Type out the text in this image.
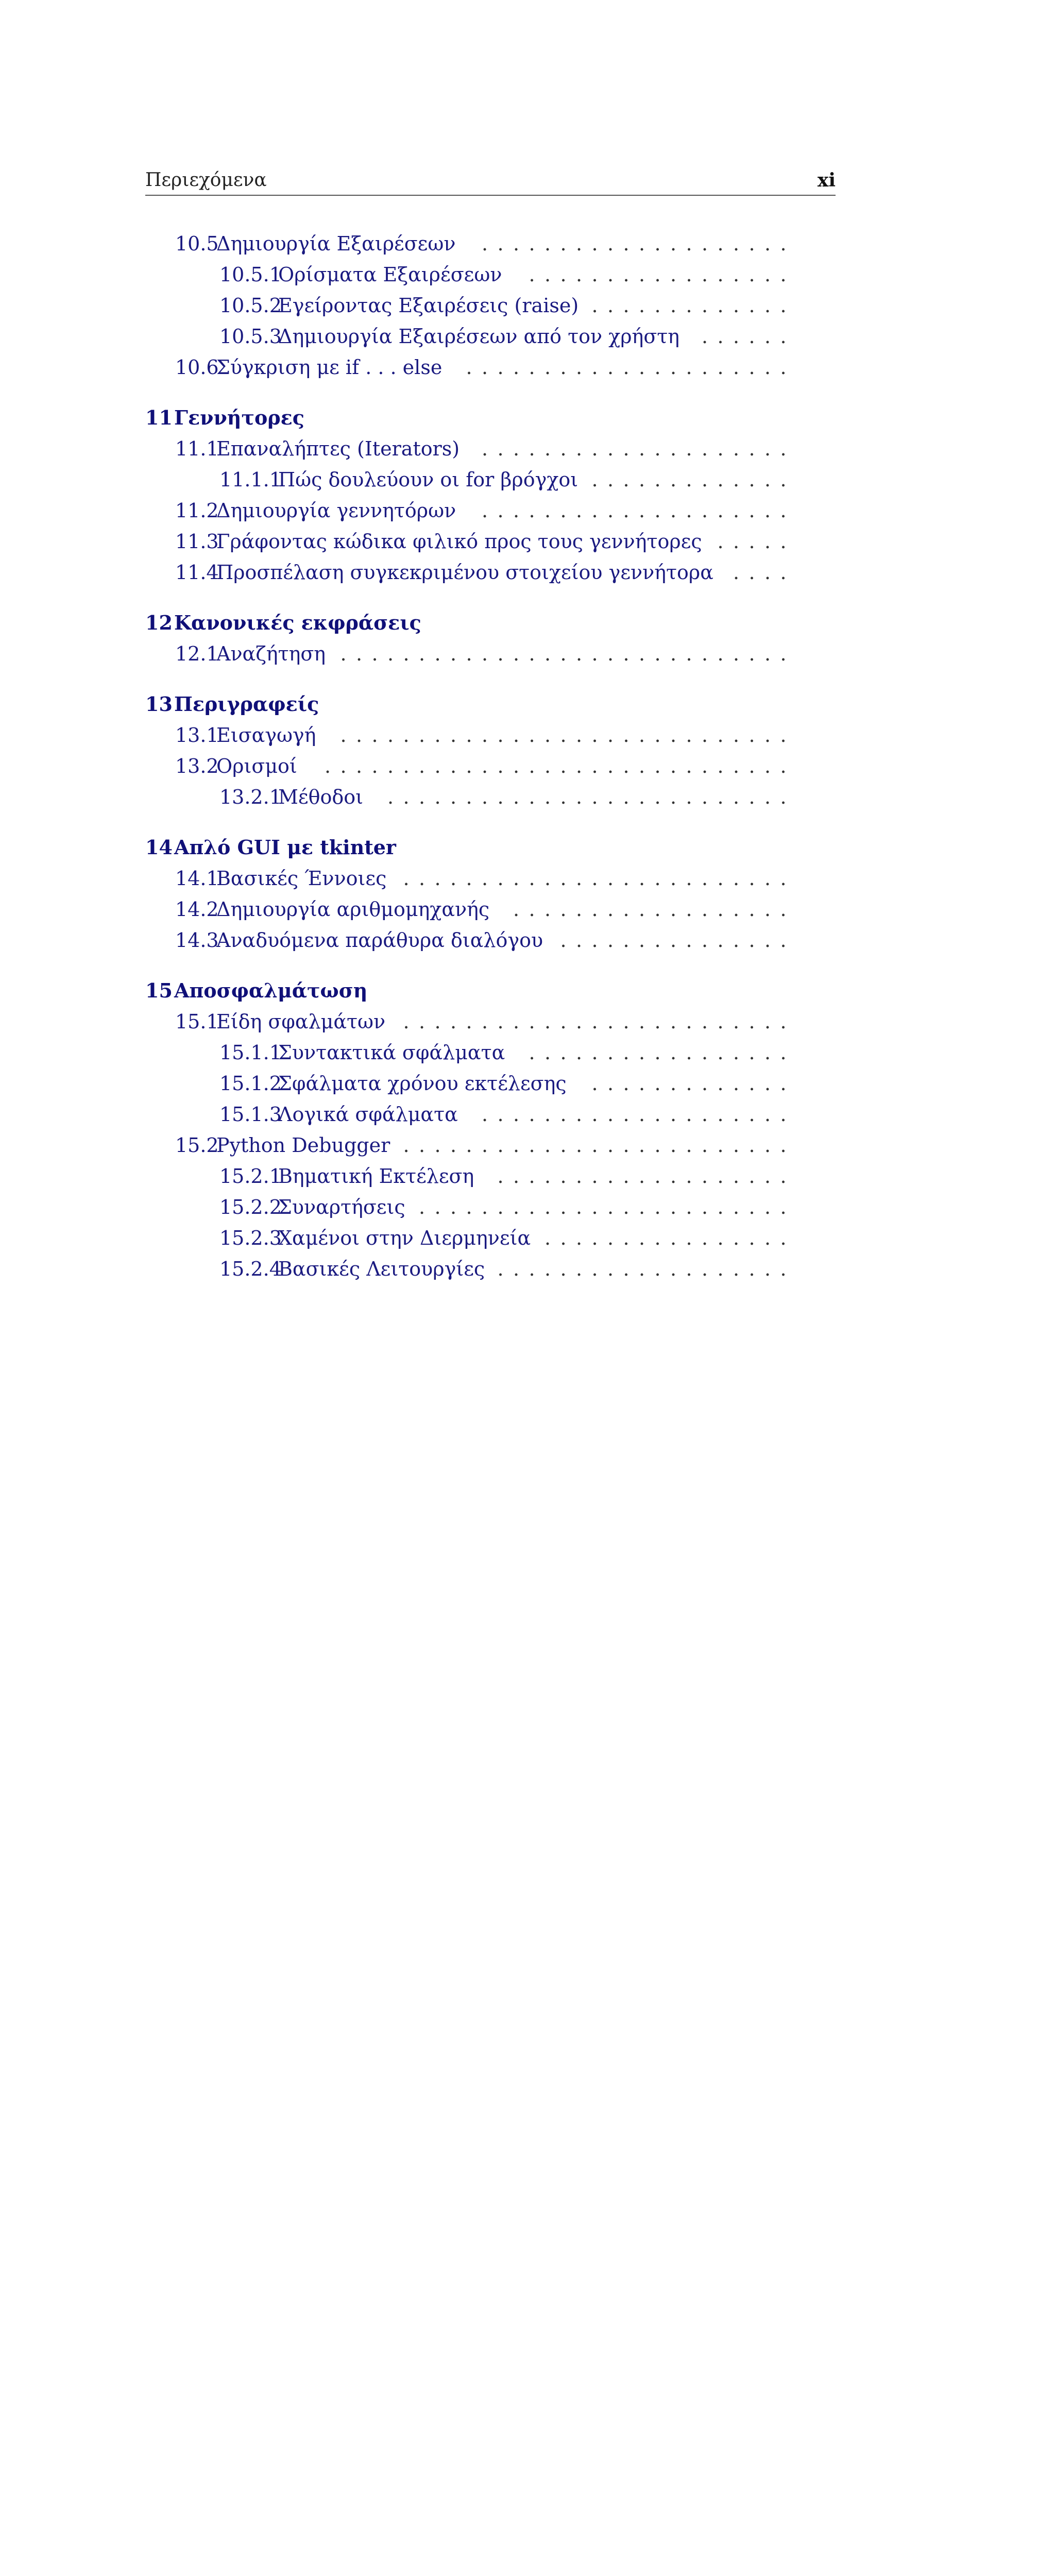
Περιεχόμενα	xi
10.5
Δημιουργία Εξαιρέσεων . . . . . . . . . . . . . . . . . . . .
10.5.1
Ορίσματα Εξαιρέσεων . . . . . . . . . . . . . . . . .
10.5.2
Εγείροντας Εξαιρέσεις (raise) . . . . . . . . . . . . .
10.5.3
Δημιουργία Εξαιρέσεων από τον χρήστη . . . . . .
10.6
Σύγκριση με if . . . else . . . . . . . . . . . . . . . . . . . . .
11 Γεννήτορες
11.1
Επαναλήπτες (Iterators) . . . . . . . . . . . . . . . . . . . .
11.1.1
Πώς δουλεύουν οι for βρόγχοι . . . . . . . . . . . . .
11.2
Δημιουργία γεννητόρων . . . . . . . . . . . . . . . . . . . .
11.3
Γράφοντας κώδικα φιλικό προς τους γεννήτορες . . . . .
11.4
Προσπέλαση συγκεκριμένου στοιχείου γεννήτορα . . . .
12 Κανονικές εκφράσεις
12.1
Αναζήτηση . . . . . . . . . . . . . . . . . . . . . . . . . . . . .
13 Περιγραφείς
13.1
Εισαγωγή . . . . . . . . . . . . . . . . . . . . . . . . . . . . .
13.2
Ορισμοί . . . . . . . . . . . . . . . . . . . . . . . . . . . . . .
13.2.1
Μέθοδοι . . . . . . . . . . . . . . . . . . . . . . . . . .
14 Απλό GUI με tkinter
14.1
Βασικές Έννοιες . . . . . . . . . . . . . . . . . . . . . . . . .
14.2
Δημιουργία αριθμομηχανής . . . . . . . . . . . . . . . . . .
14.3
Αναδυόμενα παράθυρα διαλόγου . . . . . . . . . . . . . . .
15 Αποσφαλμάτωση
15.1
Είδη σφαλμάτων . . . . . . . . . . . . . . . . . . . . . . . . .
15.1.1
Συντακτικά σφάλματα . . . . . . . . . . . . . . . . .
15.1.2
Σφάλματα χρόνου εκτέλεσης . . . . . . . . . . . . .
15.1.3
Λογικά σφάλματα . . . . . . . . . . . . . . . . . . . .
15.2
Python Debugger . . . . . . . . . . . . . . . . . . . . . . . . .
15.2.1
Βηματική Εκτέλεση . . . . . . . . . . . . . . . . . . .
15.2.2
Συναρτήσεις . . . . . . . . . . . . . . . . . . . . . . . .
15.2.3
Χαμένοι στην Διερμηνεία . . . . . . . . . . . . . . . .
15.2.4
Βασικές Λειτουργίες . . . . . . . . . . . . . . . . . . .
